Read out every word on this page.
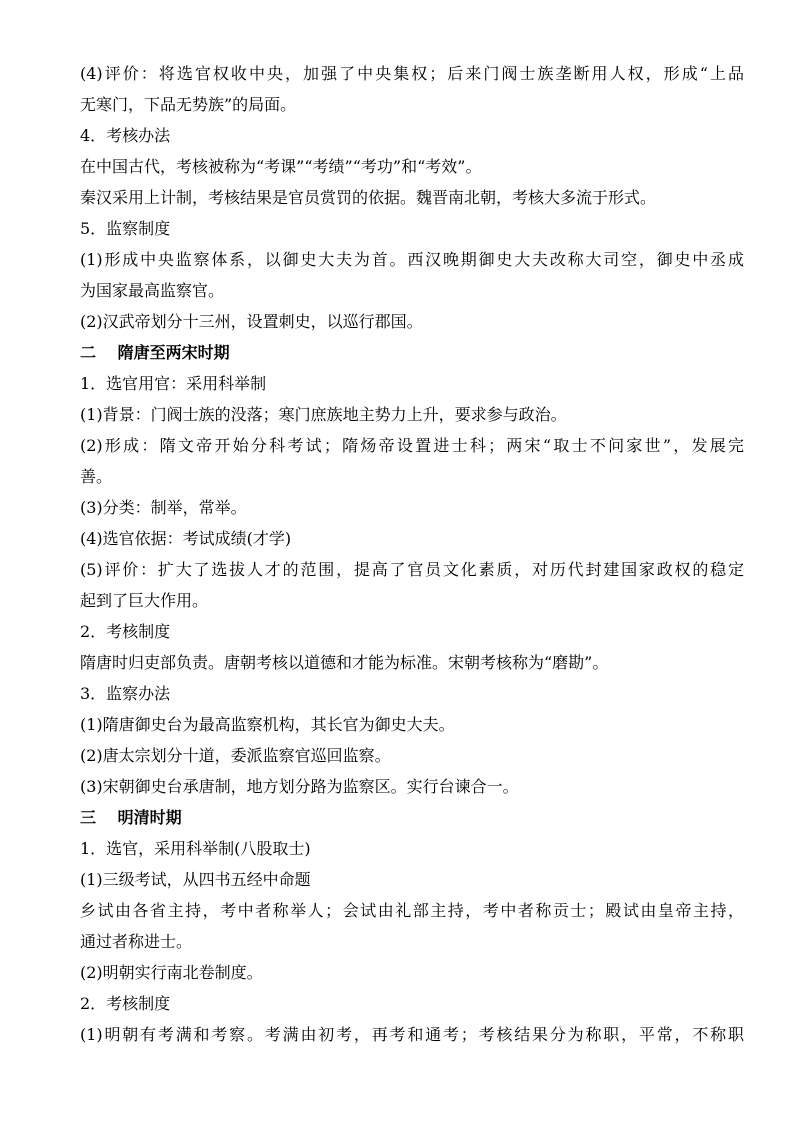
(4)评价：将选官权收中央，加强了中央集权；后来门阀士族垄断用人权，形成“上品
无寒门，下品无势族”的局面。
4．考核办法
在中国古代，考核被称为“考课”“考绩”“考功”和“考效”。
秦汉采用上计制，考核结果是官员赏罚的依据。魏晋南北朝，考核大多流于形式。
5．监察制度
(1)形成中央监察体系，以御史大夫为首。西汉晚期御史大夫改称大司空，御史中丞成
为国家最高监察官。
(2)汉武帝划分十三州，设置刺史，以巡行郡国。
二　 隋唐至两宋时期
1．选官用官：采用科举制
(1)背景：门阀士族的没落；寒门庶族地主势力上升，要求参与政治。
(2)形成：隋文帝开始分科考试；隋炀帝设置进士科；两宋“取士不问家世”，发展完
善。
(3)分类：制举，常举。
(4)选官依据：考试成绩(才学)
(5)评价：扩大了选拔人才的范围，提高了官员文化素质，对历代封建国家政权的稳定
起到了巨大作用。
2．考核制度
隋唐时归吏部负责。唐朝考核以道德和才能为标准。宋朝考核称为“磨勘”。
3．监察办法
(1)隋唐御史台为最高监察机构，其长官为御史大夫。
(2)唐太宗划分十道，委派监察官巡回监察。
(3)宋朝御史台承唐制，地方划分路为监察区。实行台谏合一。
三　 明清时期
1．选官，采用科举制(八股取士)
(1)三级考试，从四书五经中命题
乡试由各省主持，考中者称举人；会试由礼部主持，考中者称贡士；殿试由皇帝主持，
通过者称进士。
(2)明朝实行南北卷制度。
2．考核制度
(1)明朝有考满和考察。考满由初考，再考和通考；考核结果分为称职，平常，不称职
